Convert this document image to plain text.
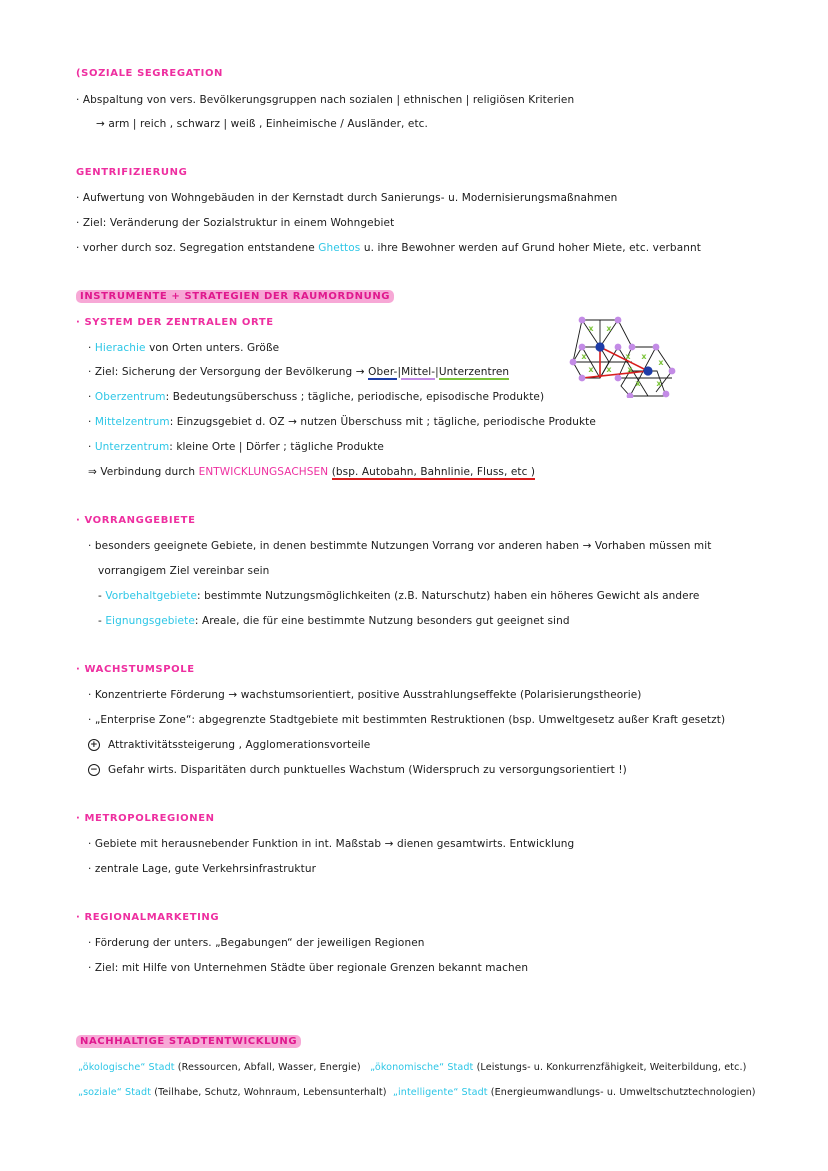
(SOZIALE SEGREGATION
· Abspaltung von vers. Bevölkerungsgruppen nach sozialen | ethnischen | religiösen Kriterien
→ arm | reich , schwarz | weiß , Einheimische / Ausländer, etc.
GENTRIFIZIERUNG
· Aufwertung von Wohngebäuden in der Kernstadt durch Sanierungs- u. Modernisierungsmaßnahmen
· Ziel: Veränderung der Sozialstruktur in einem Wohngebiet
· vorher durch soz. Segregation entstandene Ghettos u. ihre Bewohner werden auf Grund hoher Miete, etc. verbannt
INSTRUMENTE + STRATEGIEN DER RAUMORDNUNG
· SYSTEM DER ZENTRALEN ORTE
· Hierachie von Orten unters. Größe
· Ziel: Sicherung der Versorgung der Bevölkerung → Ober-|Mittel-|Unterzentren
· Oberzentrum: Bedeutungsüberschuss ; tägliche, periodische, episodische Produkte)
· Mittelzentrum: Einzugsgebiet d. OZ → nutzen Überschuss mit ; tägliche, periodische Produkte
· Unterzentrum: kleine Orte | Dörfer ; tägliche Produkte
⇒ Verbindung durch ENTWICKLUNGSACHSEN (bsp. Autobahn, Bahnlinie, Fluss, etc )
x x
x
x x
x x
x
x x
x
· VORRANGGEBIETE
· besonders geeignete Gebiete, in denen bestimmte Nutzungen Vorrang vor anderen haben → Vorhaben müssen mit
vorrangigem Ziel vereinbar sein
- Vorbehaltgebiete: bestimmte Nutzungsmöglichkeiten (z.B. Naturschutz) haben ein höheres Gewicht als andere
- Eignungsgebiete: Areale, die für eine bestimmte Nutzung besonders gut geeignet sind
· WACHSTUMSPOLE
· Konzentrierte Förderung → wachstumsorientiert, positive Ausstrahlungseffekte (Polarisierungstheorie)
· „Enterprise Zone“: abgegrenzte Stadtgebiete mit bestimmten Restruktionen (bsp. Umweltgesetz außer Kraft gesetzt)
+ Attraktivitätssteigerung , Agglomerationsvorteile
− Gefahr wirts. Disparitäten durch punktuelles Wachstum (Widerspruch zu versorgungsorientiert !)
· METROPOLREGIONEN
· Gebiete mit herausnebender Funktion in int. Maßstab → dienen gesamtwirts. Entwicklung
· zentrale Lage, gute Verkehrsinfrastruktur
· REGIONALMARKETING
· Förderung der unters. „Begabungen“ der jeweiligen Regionen
· Ziel: mit Hilfe von Unternehmen Städte über regionale Grenzen bekannt machen
NACHHALTIGE STADTENTWICKLUNG
„ökologische“ Stadt (Ressourcen, Abfall, Wasser, Energie) „ökonomische“ Stadt (Leistungs- u. Konkurrenzfähigkeit, Weiterbildung, etc.)
„soziale“ Stadt (Teilhabe, Schutz, Wohnraum, Lebensunterhalt) „intelligente“ Stadt (Energieumwandlungs- u. Umweltschutztechnologien)
